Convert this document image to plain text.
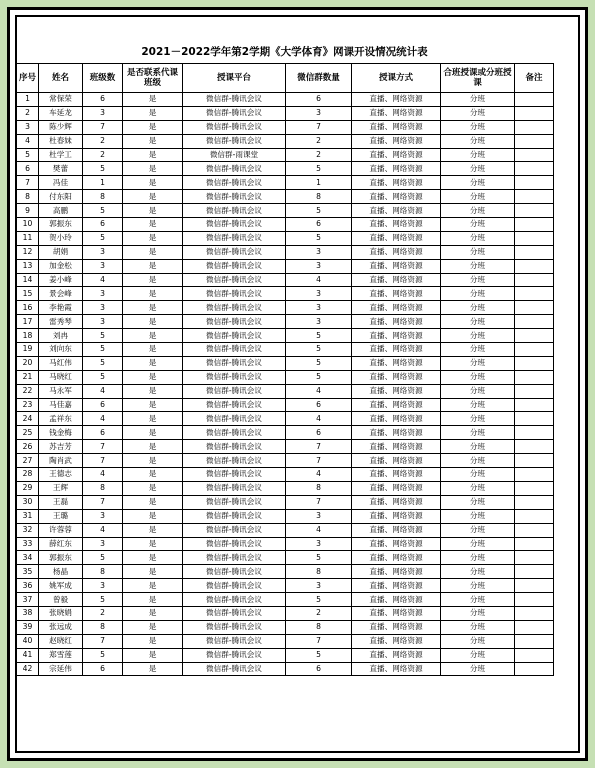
2021－2022学年第2学期《大学体育》网课开设情况统计表
序号	姓名	班级数	是否联系代课班级	授课平台	微信群数量	授课方式	合班授课或分班授课	备注
1	常保荣	6	是	微信群-腾讯会议	6	直播、网络资源	分班	
2	车延龙	3	是	微信群-腾讯会议	3	直播、网络资源	分班	
3	陈少辉	7	是	微信群-腾讯会议	7	直播、网络资源	分班	
4	杜春妹	2	是	微信群-腾讯会议	2	直播、网络资源	分班	
5	杜学工	2	是	微信群-雨课堂	2	直播、网络资源	分班	
6	樊蕾	5	是	微信群-腾讯会议	5	直播、网络资源	分班	
7	冯佳	1	是	微信群-腾讯会议	1	直播、网络资源	分班	
8	付东阳	8	是	微信群-腾讯会议	8	直播、网络资源	分班	
9	高鹏	5	是	微信群-腾讯会议	5	直播、网络资源	分班	
10	郭振东	6	是	微信群-腾讯会议	6	直播、网络资源	分班	
11	贺小玲	5	是	微信群-腾讯会议	5	直播、网络资源	分班	
12	胡娟	3	是	微信群-腾讯会议	3	直播、网络资源	分班	
13	加金松	3	是	微信群-腾讯会议	3	直播、网络资源	分班	
14	姜小峰	4	是	微信群-腾讯会议	4	直播、网络资源	分班	
15	景会峰	3	是	微信群-腾讯会议	3	直播、网络资源	分班	
16	李艳霞	3	是	微信群-腾讯会议	3	直播、网络资源	分班	
17	雷秀琴	3	是	微信群-腾讯会议	3	直播、网络资源	分班	
18	刘冉	5	是	微信群-腾讯会议	5	直播、网络资源	分班	
19	刘向东	5	是	微信群-腾讯会议	5	直播、网络资源	分班	
20	马红伟	5	是	微信群-腾讯会议	5	直播、网络资源	分班	
21	马晓红	5	是	微信群-腾讯会议	5	直播、网络资源	分班	
22	马永军	4	是	微信群-腾讯会议	4	直播、网络资源	分班	
23	马佳嘉	6	是	微信群-腾讯会议	6	直播、网络资源	分班	
24	孟祥东	4	是	微信群-腾讯会议	4	直播、网络资源	分班	
25	钱金梅	6	是	微信群-腾讯会议	6	直播、网络资源	分班	
26	苏吉芳	7	是	微信群-腾讯会议	7	直播、网络资源	分班	
27	陶肖武	7	是	微信群-腾讯会议	7	直播、网络资源	分班	
28	王德志	4	是	微信群-腾讯会议	4	直播、网络资源	分班	
29	王辉	8	是	微信群-腾讯会议	8	直播、网络资源	分班	
30	王磊	7	是	微信群-腾讯会议	7	直播、网络资源	分班	
31	王璐	3	是	微信群-腾讯会议	3	直播、网络资源	分班	
32	许蓉蓉	4	是	微信群-腾讯会议	4	直播、网络资源	分班	
33	薛红东	3	是	微信群-腾讯会议	3	直播、网络资源	分班	
34	郭振东	5	是	微信群-腾讯会议	5	直播、网络资源	分班	
35	杨晶	8	是	微信群-腾讯会议	8	直播、网络资源	分班	
36	姚军成	3	是	微信群-腾讯会议	3	直播、网络资源	分班	
37	曾毅	5	是	微信群-腾讯会议	5	直播、网络资源	分班	
38	张晓娟	2	是	微信群-腾讯会议	2	直播、网络资源	分班	
39	张远成	8	是	微信群-腾讯会议	8	直播、网络资源	分班	
40	赵晓红	7	是	微信群-腾讯会议	7	直播、网络资源	分班	
41	郑雪莲	5	是	微信群-腾讯会议	5	直播、网络资源	分班	
42	宗延伟	6	是	微信群-腾讯会议	6	直播、网络资源	分班	
